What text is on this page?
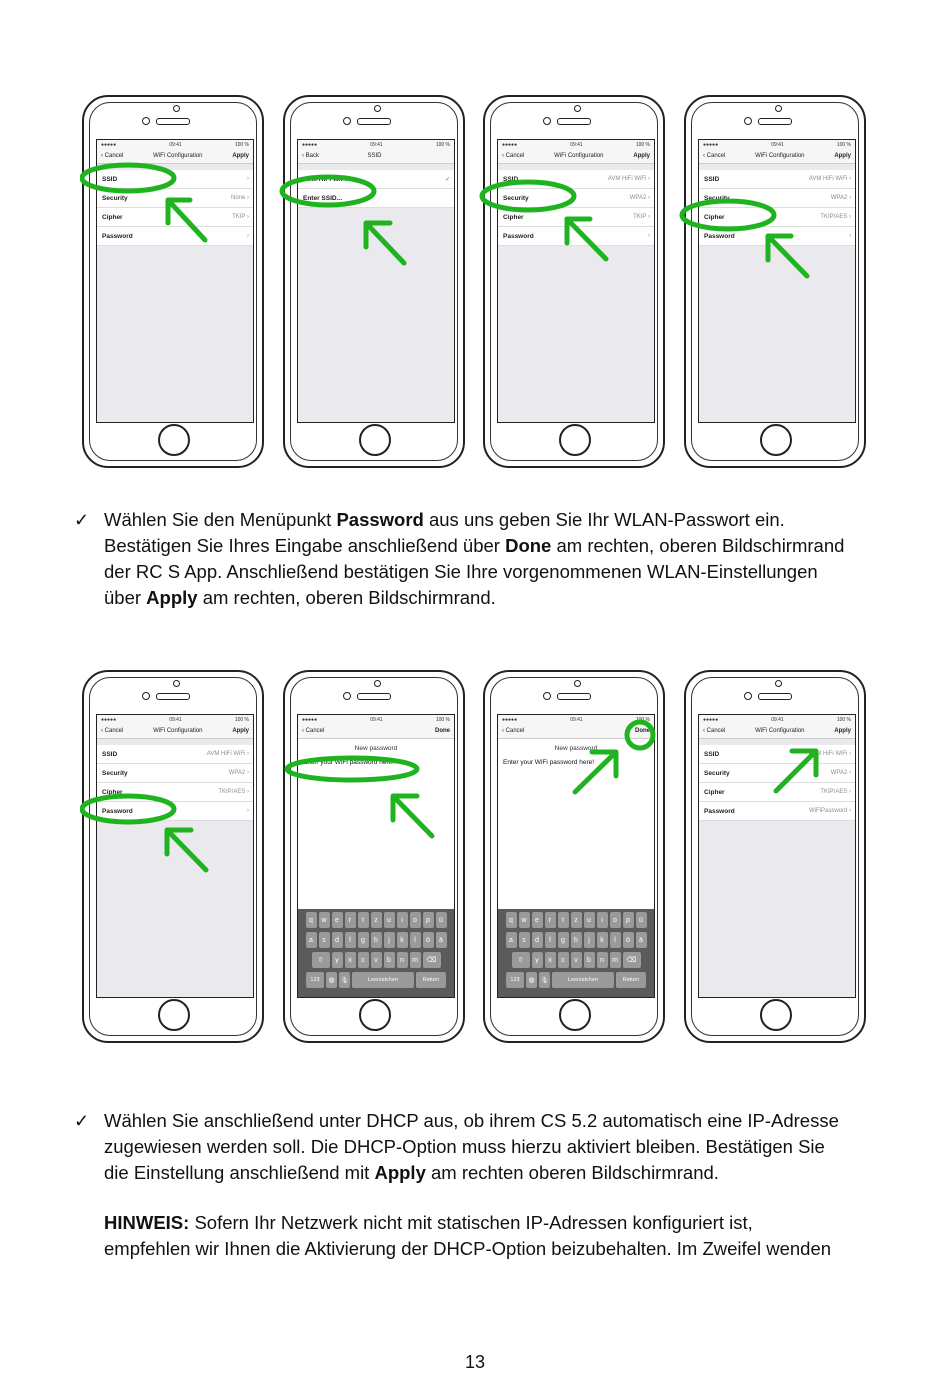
●●●●●	09:41	100 %
‹ Cancel	WiFi Configuration	Apply
SSID	›
Security	None ›
Cipher	TKIP ›
Password	›
●●●●●	09:41	100 %
‹ Back	SSID
AVM HiFi WiFi	✓
Enter SSID...
●●●●●	09:41	100 %
‹ Cancel	WiFi Configuration	Apply
SSID	AVM HiFi WiFi ›
Security	WPA2 ›
Cipher	TKIP ›
Password	›
●●●●●	09:41	100 %
‹ Cancel	WiFi Configuration	Apply
SSID	AVM HiFi WiFi ›
Security	WPA2 ›
Cipher	TKIP/AES ›
Password	›
✓ Wählen Sie den Menüpunkt Password aus uns geben Sie Ihr WLAN-Passwort ein.
Bestätigen Sie Ihres Eingabe anschließend über Done am rechten, oberen Bildschirmrand
der RC S App. Anschließend bestätigen Sie Ihre vorgenommenen WLAN-Einstellungen
über Apply am rechten, oberen Bildschirmrand.
●●●●●	09:41	100 %
‹ Cancel	WiFi Configuration	Apply
SSID	AVM HiFi WiFi ›
Security	WPA2 ›
Cipher	TKIP/AES ›
Password	›
●●●●●	09:41	100 %
‹ Cancel	Done
New password
Enter your WiFi password here!
q	w	e	r	t	z	u	i	o	p	ü
a	s	d	f	g	h	j	k	l	ö	ä
⇧	y	x	c	v	b	n	m	⌫
123	◍	🎙	Leerzeichen	Return
●●●●●	09:41	100 %
‹ Cancel	Done
New password
Enter your WiFi password here!
q	w	e	r	t	z	u	i	o	p	ü
a	s	d	f	g	h	j	k	l	ö	ä
⇧	y	x	c	v	b	n	m	⌫
123	◍	🎙	Leerzeichen	Return
●●●●●	09:41	100 %
‹ Cancel	WiFi Configuration	Apply
SSID	AVM HiFi WiFi ›
Security	WPA2 ›
Cipher	TKIP/AES ›
Password	WiFiPassword ›
✓ Wählen Sie anschließend unter DHCP aus, ob ihrem CS 5.2 automatisch eine IP-Adresse
zugewiesen werden soll. Die DHCP-Option muss hierzu aktiviert bleiben. Bestätigen Sie
die Einstellung anschließend mit Apply am rechten oberen Bildschirmrand.
HINWEIS: Sofern Ihr Netzwerk nicht mit statischen IP-Adressen konfiguriert ist,
empfehlen wir Ihnen die Aktivierung der DHCP-Option beizubehalten. Im Zweifel wenden
13
